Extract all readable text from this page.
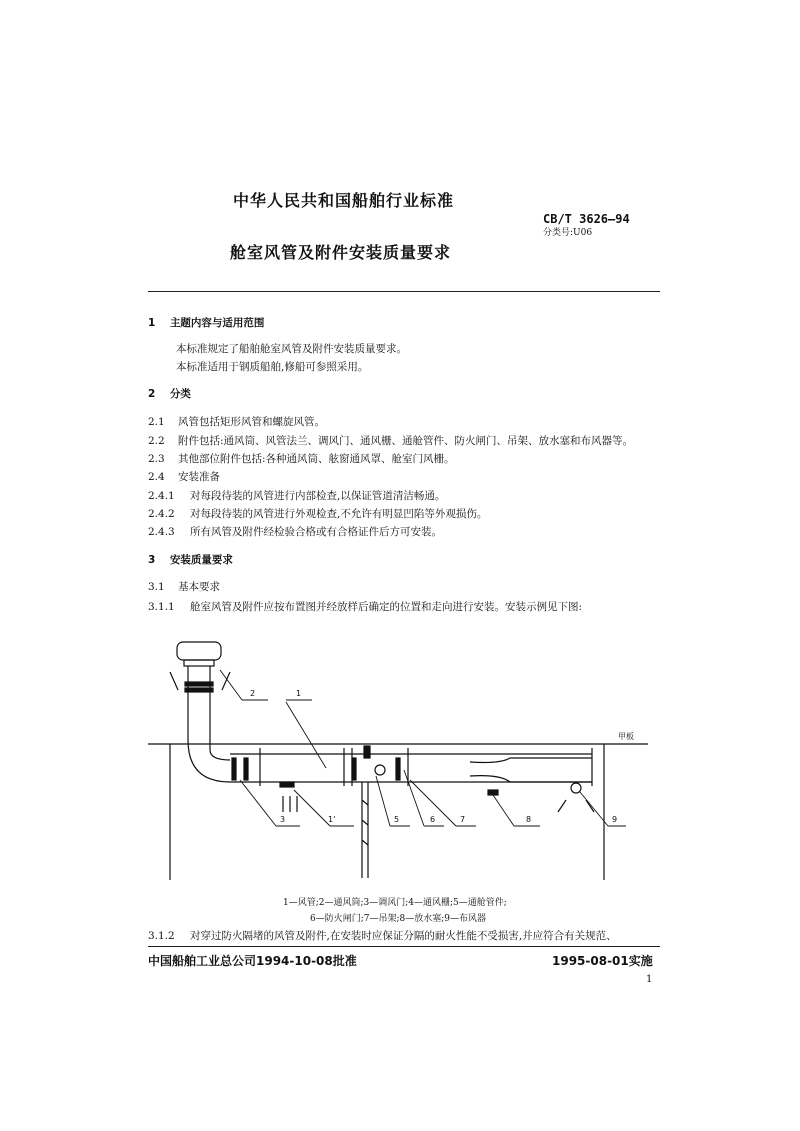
中华人民共和国船舶行业标准
CB/T 3626—94
分类号:U06
舱室风管及附件安装质量要求
1 主题内容与适用范围
本标准规定了船舶舱室风管及附件安装质量要求。
本标准适用于钢质船舶,修船可参照采用。
2 分类
2.1 风管包括矩形风管和螺旋风管。
2.2 附件包括:通风筒、风管法兰、调风门、通风栅、通舱管件、防火闸门、吊架、放水塞和布风器等。
2.3 其他部位附件包括:各种通风筒、舷窗通风罩、舱室门风栅。
2.4 安装准备
2.4.1 对每段待装的风管进行内部检查,以保证管道清洁畅通。
2.4.2 对每段待装的风管进行外观检查,不允许有明显凹陷等外观损伤。
2.4.3 所有风管及附件经检验合格或有合格证件后方可安装。
3 安装质量要求
3.1 基本要求
3.1.1 舱室风管及附件应按布置图并经放样后确定的位置和走向进行安装。安装示例见下图:
甲板
2	1
3	1'	5	6	7	8	9
1—风管;2—通风筒;3—调风门;4—通风栅;5—通舱管件;
6—防火闸门;7—吊架;8—放水塞;9—布风器
3.1.2 对穿过防火隔堵的风管及附件,在安装时应保证分隔的耐火性能不受损害,并应符合有关规范、
中国船舶工业总公司1994-10-08批准	1995-08-01实施
1
